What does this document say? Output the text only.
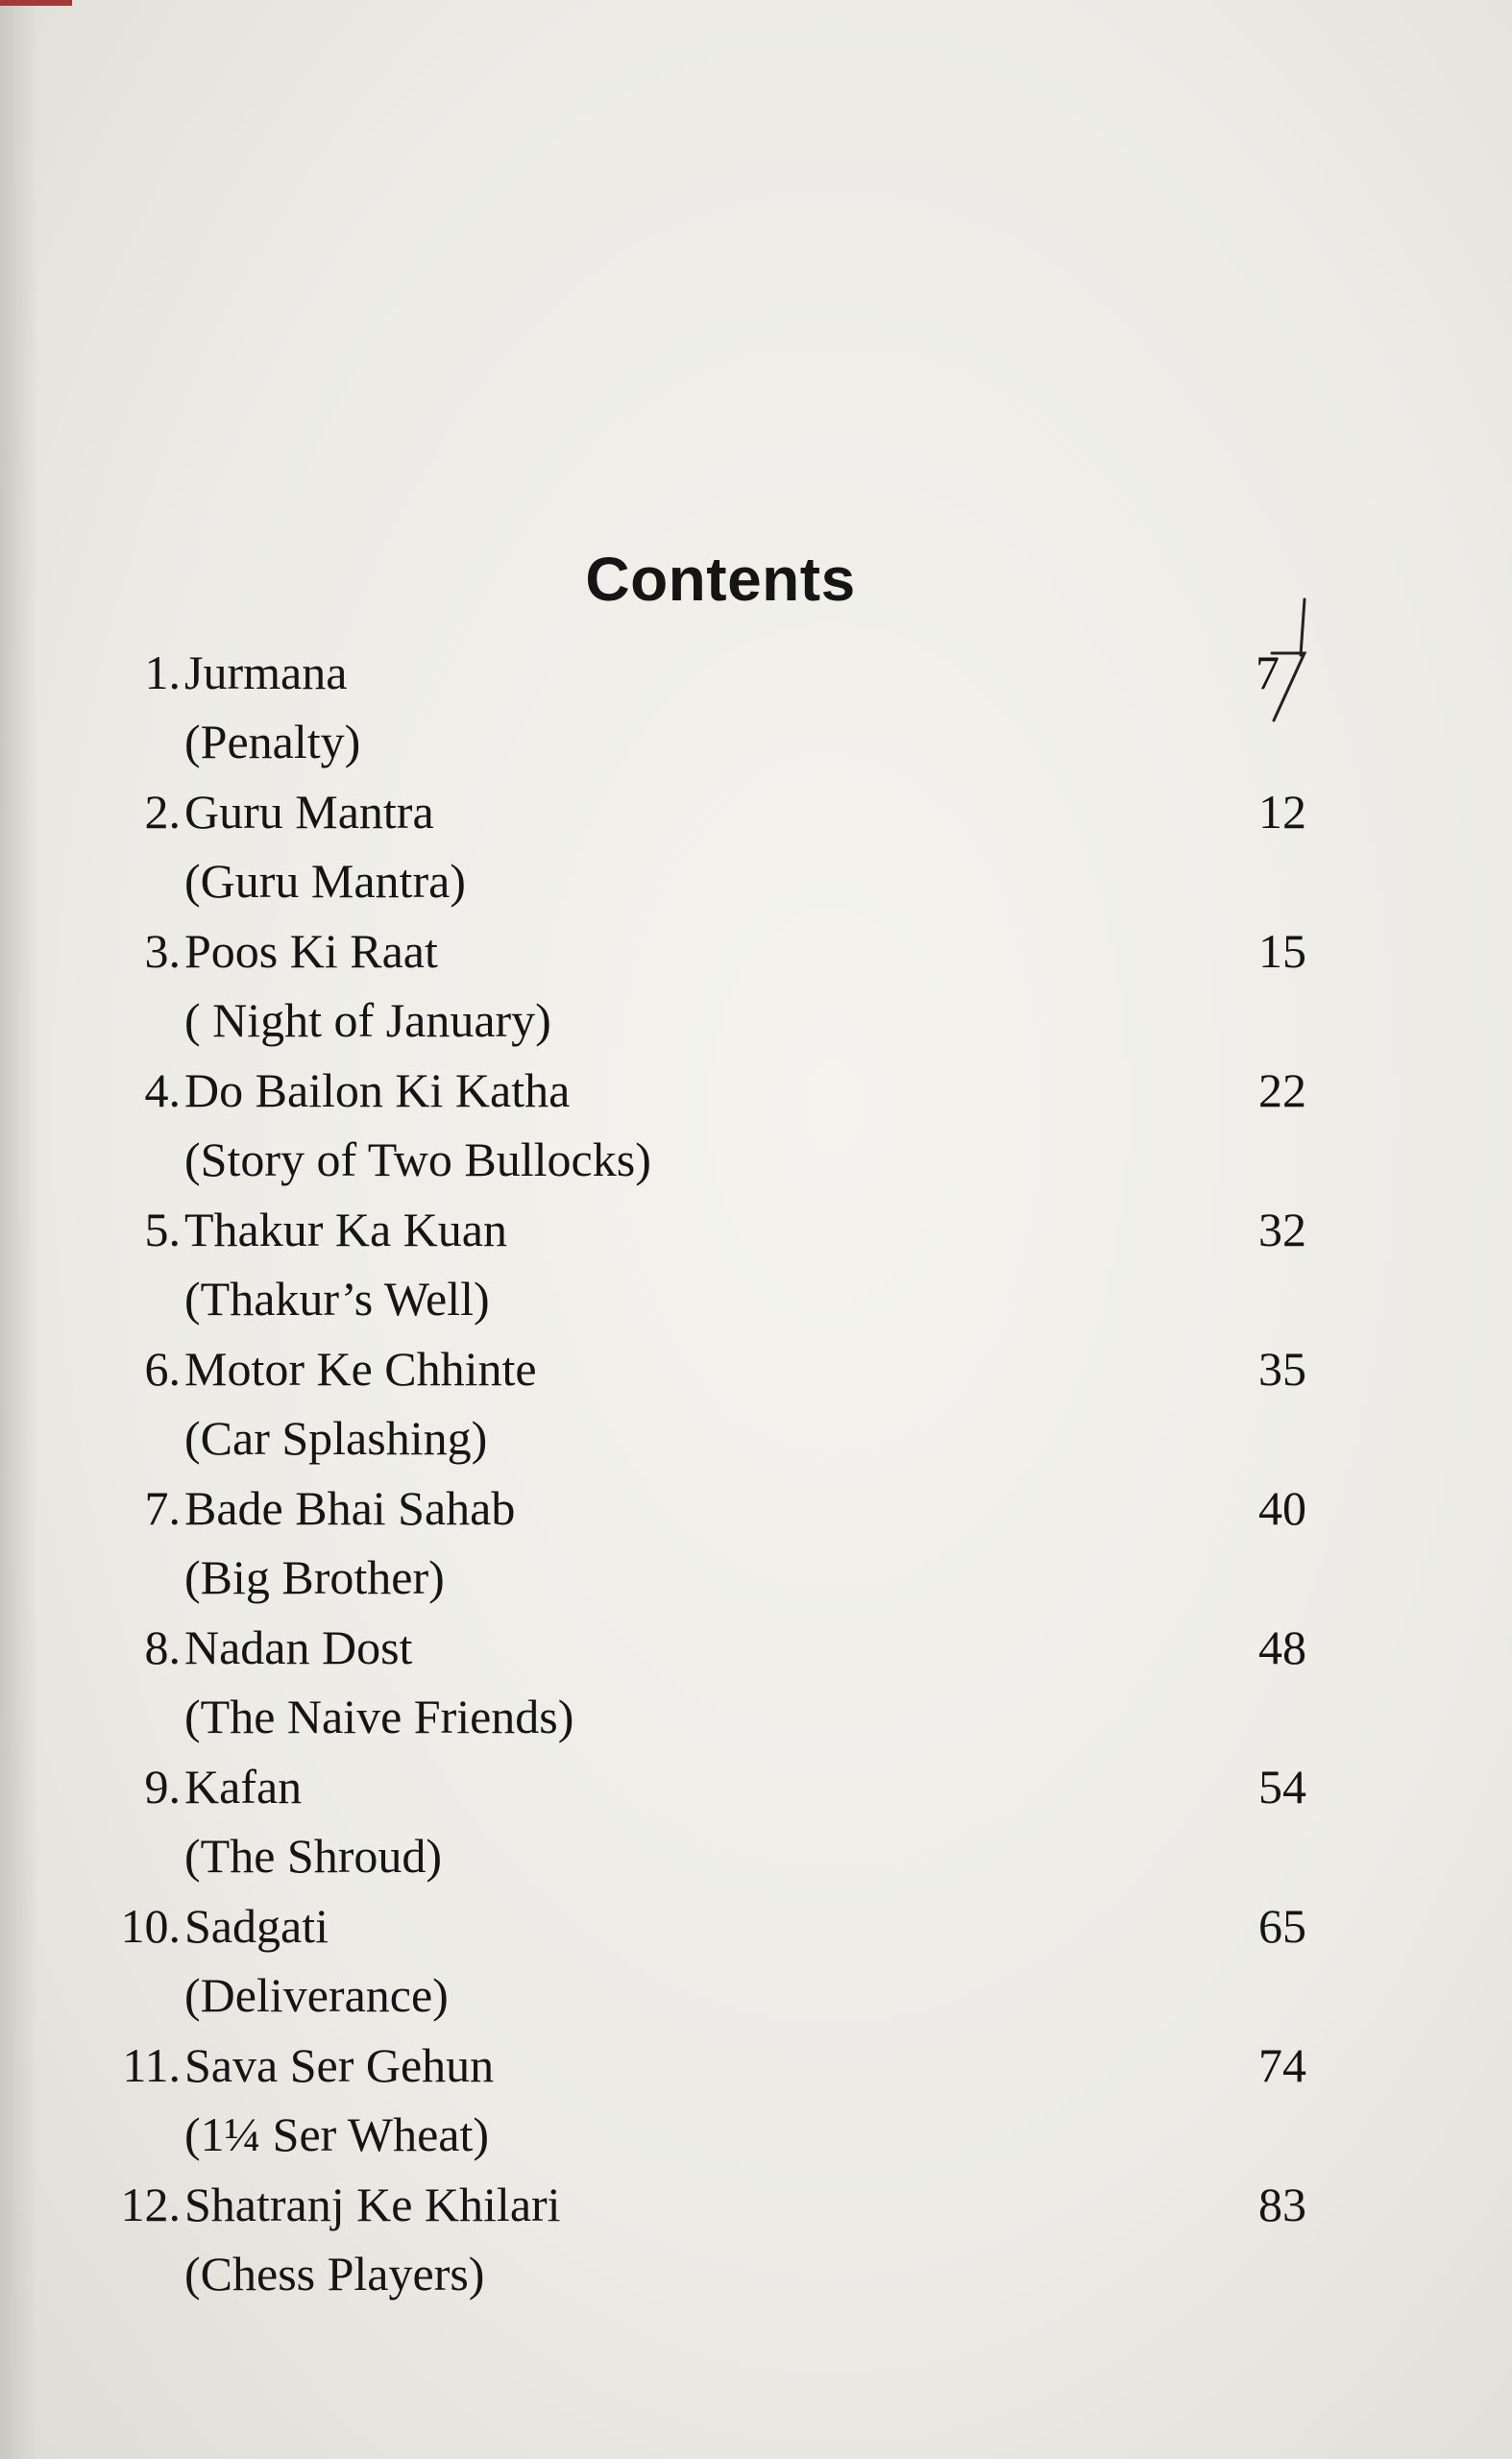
Contents
1. Jurmana	7
(Penalty)
2. Guru Mantra	12
(Guru Mantra)
3. Poos Ki Raat	15
( Night of January)
4. Do Bailon Ki Katha	22
(Story of Two Bullocks)
5. Thakur Ka Kuan	32
(Thakur’s Well)
6. Motor Ke Chhinte	35
(Car Splashing)
7. Bade Bhai Sahab	40
(Big Brother)
8. Nadan Dost	48
(The Naive Friends)
9. Kafan	54
(The Shroud)
10. Sadgati	65
(Deliverance)
11. Sava Ser Gehun	74
(1¼ Ser Wheat)
12. Shatranj Ke Khilari	83
(Chess Players)
